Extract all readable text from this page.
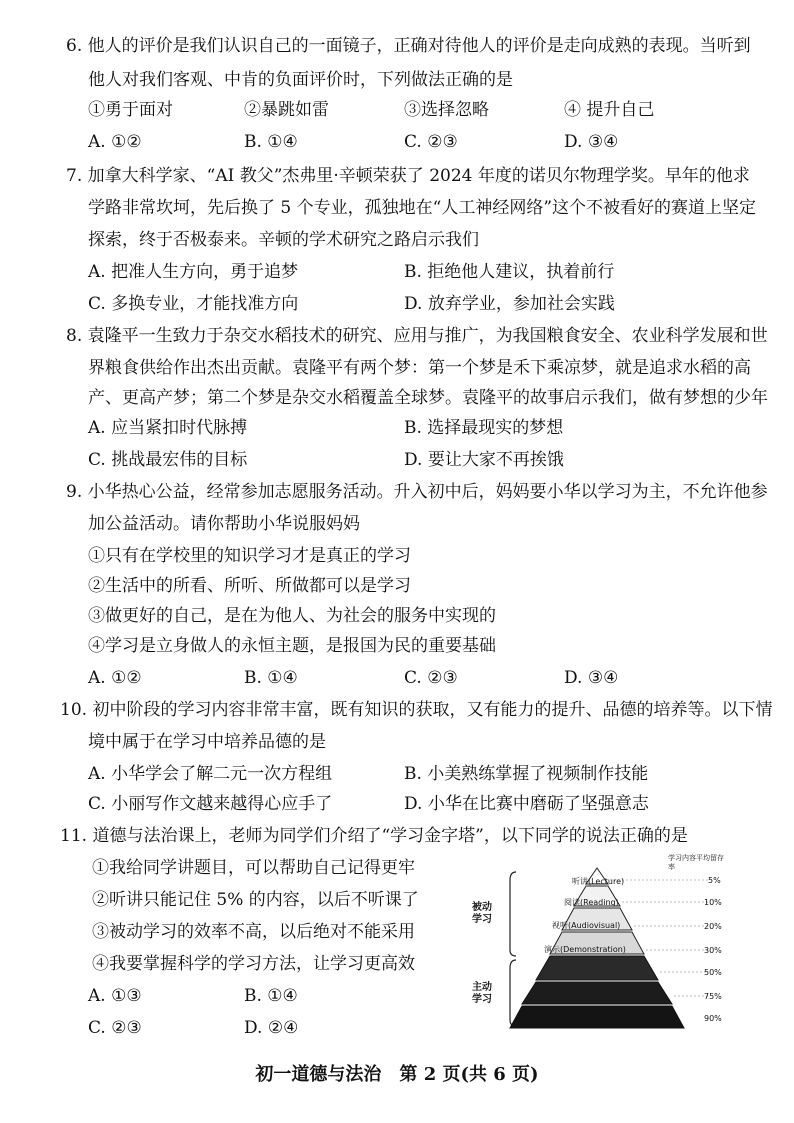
6. 他人的评价是我们认识自己的一面镜子，正确对待他人的评价是走向成熟的表现。当听到
他人对我们客观、中肯的负面评价时，下列做法正确的是
①勇于面对	②暴跳如雷	③选择忽略	④ 提升自己
A. ①②	B. ①④	C. ②③	D. ③④
7. 加拿大科学家、“AI 教父”杰弗里·辛顿荣获了 2024 年度的诺贝尔物理学奖。早年的他求
学路非常坎坷，先后换了 5 个专业，孤独地在“人工神经网络”这个不被看好的赛道上坚定
探索，终于否极泰来。辛顿的学术研究之路启示我们
A. 把准人生方向，勇于追梦	B. 拒绝他人建议，执着前行
C. 多换专业，才能找准方向	D. 放弃学业，参加社会实践
8. 袁隆平一生致力于杂交水稻技术的研究、应用与推广，为我国粮食安全、农业科学发展和世
界粮食供给作出杰出贡献。袁隆平有两个梦：第一个梦是禾下乘凉梦，就是追求水稻的高
产、更高产梦；第二个梦是杂交水稻覆盖全球梦。袁隆平的故事启示我们，做有梦想的少年
A. 应当紧扣时代脉搏	B. 选择最现实的梦想
C. 挑战最宏伟的目标	D. 要让大家不再挨饿
9. 小华热心公益，经常参加志愿服务活动。升入初中后，妈妈要小华以学习为主，不允许他参
加公益活动。请你帮助小华说服妈妈
①只有在学校里的知识学习才是真正的学习
②生活中的所看、所听、所做都可以是学习
③做更好的自己，是在为他人、为社会的服务中实现的
④学习是立身做人的永恒主题，是报国为民的重要基础
A. ①②	B. ①④	C. ②③	D. ③④
10. 初中阶段的学习内容非常丰富，既有知识的获取，又有能力的提升、品德的培养等。以下情
境中属于在学习中培养品德的是
A. 小华学会了解二元一次方程组	B. 小美熟练掌握了视频制作技能
C. 小丽写作文越来越得心应手了	D. 小华在比赛中磨砺了坚强意志
11. 道德与法治课上，老师为同学们介绍了“学习金字塔”，以下同学的说法正确的是
①我给同学讲题目，可以帮助自己记得更牢
②听讲只能记住 5% 的内容，以后不听课了
③被动学习的效率不高，以后绝对不能采用
④我要掌握科学的学习方法，让学习更高效
A. ①③	B. ①④
C. ②③	D. ②④
学习内容平均留存率
被动学习
主动学习
听讲(Lecture)
阅读(Reading)
视听(Audiovisual)
演示(Demonstration)
5%
10%
20%
30%
50%
75%
90%
初一道德与法治　第 2 页(共 6 页)
